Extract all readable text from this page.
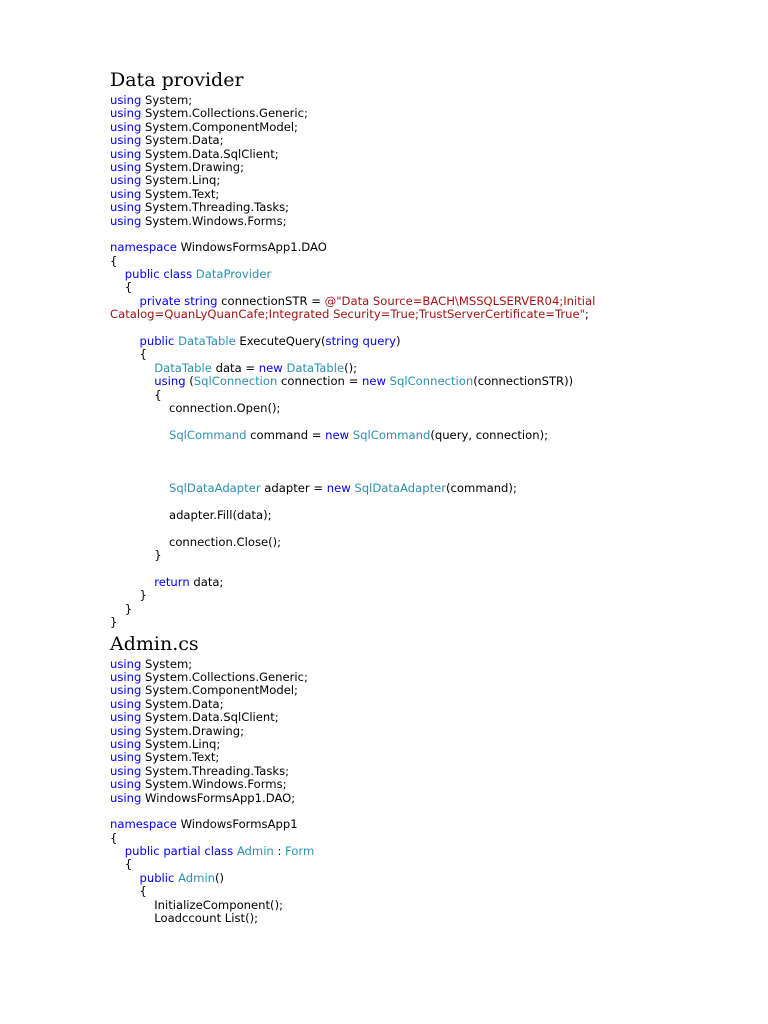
Data provider
using System;
using System.Collections.Generic;
using System.ComponentModel;
using System.Data;
using System.Data.SqlClient;
using System.Drawing;
using System.Linq;
using System.Text;
using System.Threading.Tasks;
using System.Windows.Forms;
namespace WindowsFormsApp1.DAO
{
public class DataProvider
{
private string connectionSTR = @"Data Source=BACH\MSSQLSERVER04;Initial
Catalog=QuanLyQuanCafe;Integrated Security=True;TrustServerCertificate=True";
public DataTable ExecuteQuery(string query)
{
DataTable data = new DataTable();
using (SqlConnection connection = new SqlConnection(connectionSTR))
{
connection.Open();
SqlCommand command = new SqlCommand(query, connection);
SqlDataAdapter adapter = new SqlDataAdapter(command);
adapter.Fill(data);
connection.Close();
}
return data;
}
}
}
Admin.cs
using System;
using System.Collections.Generic;
using System.ComponentModel;
using System.Data;
using System.Data.SqlClient;
using System.Drawing;
using System.Linq;
using System.Text;
using System.Threading.Tasks;
using System.Windows.Forms;
using WindowsFormsApp1.DAO;
namespace WindowsFormsApp1
{
public partial class Admin : Form
{
public Admin()
{
InitializeComponent();
Loadccount List();
